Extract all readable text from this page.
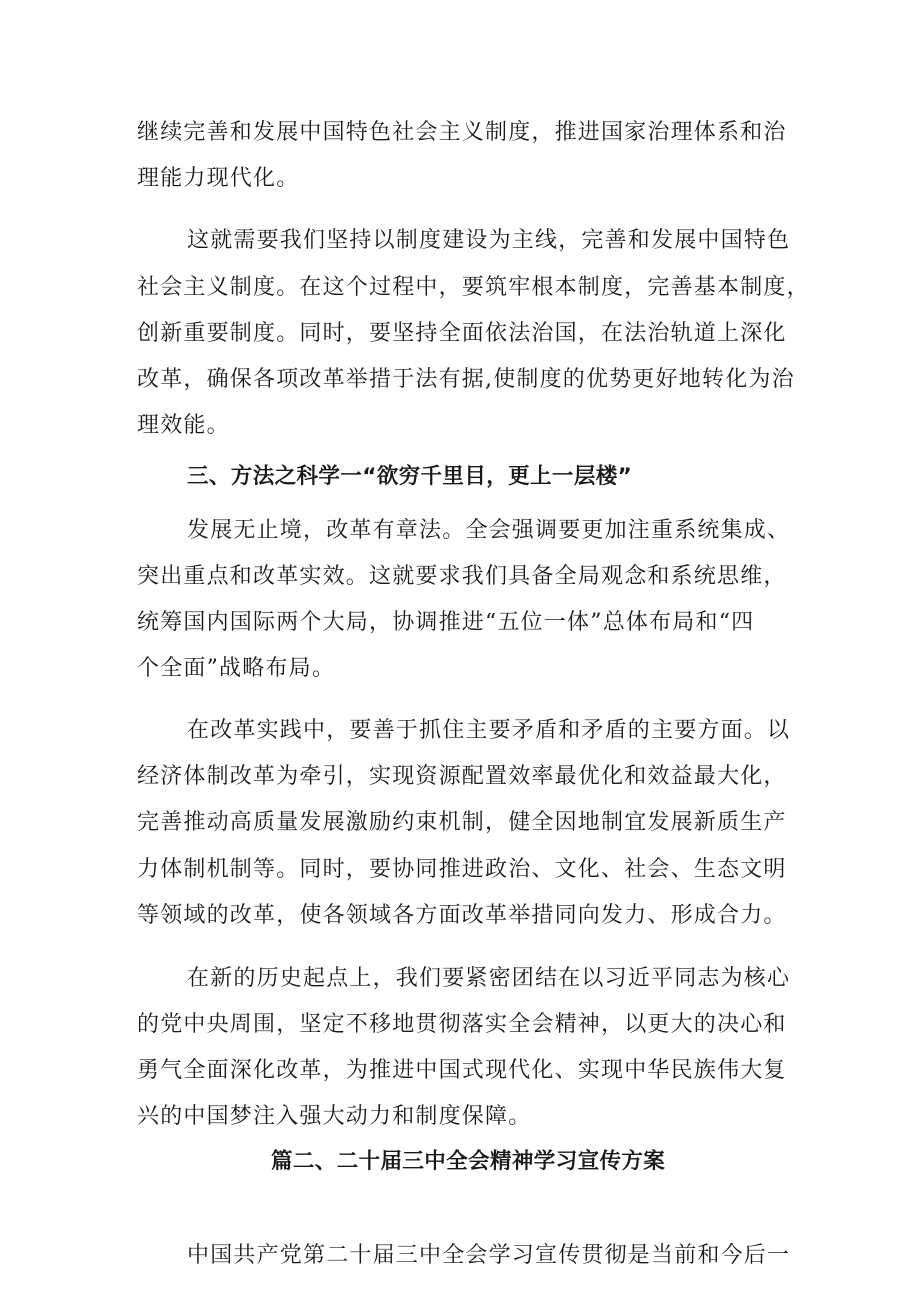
继续完善和发展中国特色社会主义制度，推进国家治理体系和治
理能力现代化。
这就需要我们坚持以制度建设为主线，完善和发展中国特色
社会主义制度。在这个过程中，要筑牢根本制度，完善基本制度，
创新重要制度。同时，要坚持全面依法治国，在法治轨道上深化
改革，确保各项改革举措于法有据,使制度的优势更好地转化为治
理效能。
三、方法之科学一“欲穷千里目，更上一层楼”
发展无止境，改革有章法。全会强调要更加注重系统集成、
突出重点和改革实效。这就要求我们具备全局观念和系统思维，
统筹国内国际两个大局，协调推进“五位一体”总体布局和“四
个全面”战略布局。
在改革实践中，要善于抓住主要矛盾和矛盾的主要方面。以
经济体制改革为牵引，实现资源配置效率最优化和效益最大化，
完善推动高质量发展激励约束机制，健全因地制宜发展新质生产
力体制机制等。同时，要协同推进政治、文化、社会、生态文明
等领域的改革，使各领域各方面改革举措同向发力、形成合力。
在新的历史起点上，我们要紧密团结在以习近平同志为核心
的党中央周围，坚定不移地贯彻落实全会精神，以更大的决心和
勇气全面深化改革，为推进中国式现代化、实现中华民族伟大复
兴的中国梦注入强大动力和制度保障。
篇二、二十届三中全会精神学习宣传方案
中国共产党第二十届三中全会学习宣传贯彻是当前和今后一
